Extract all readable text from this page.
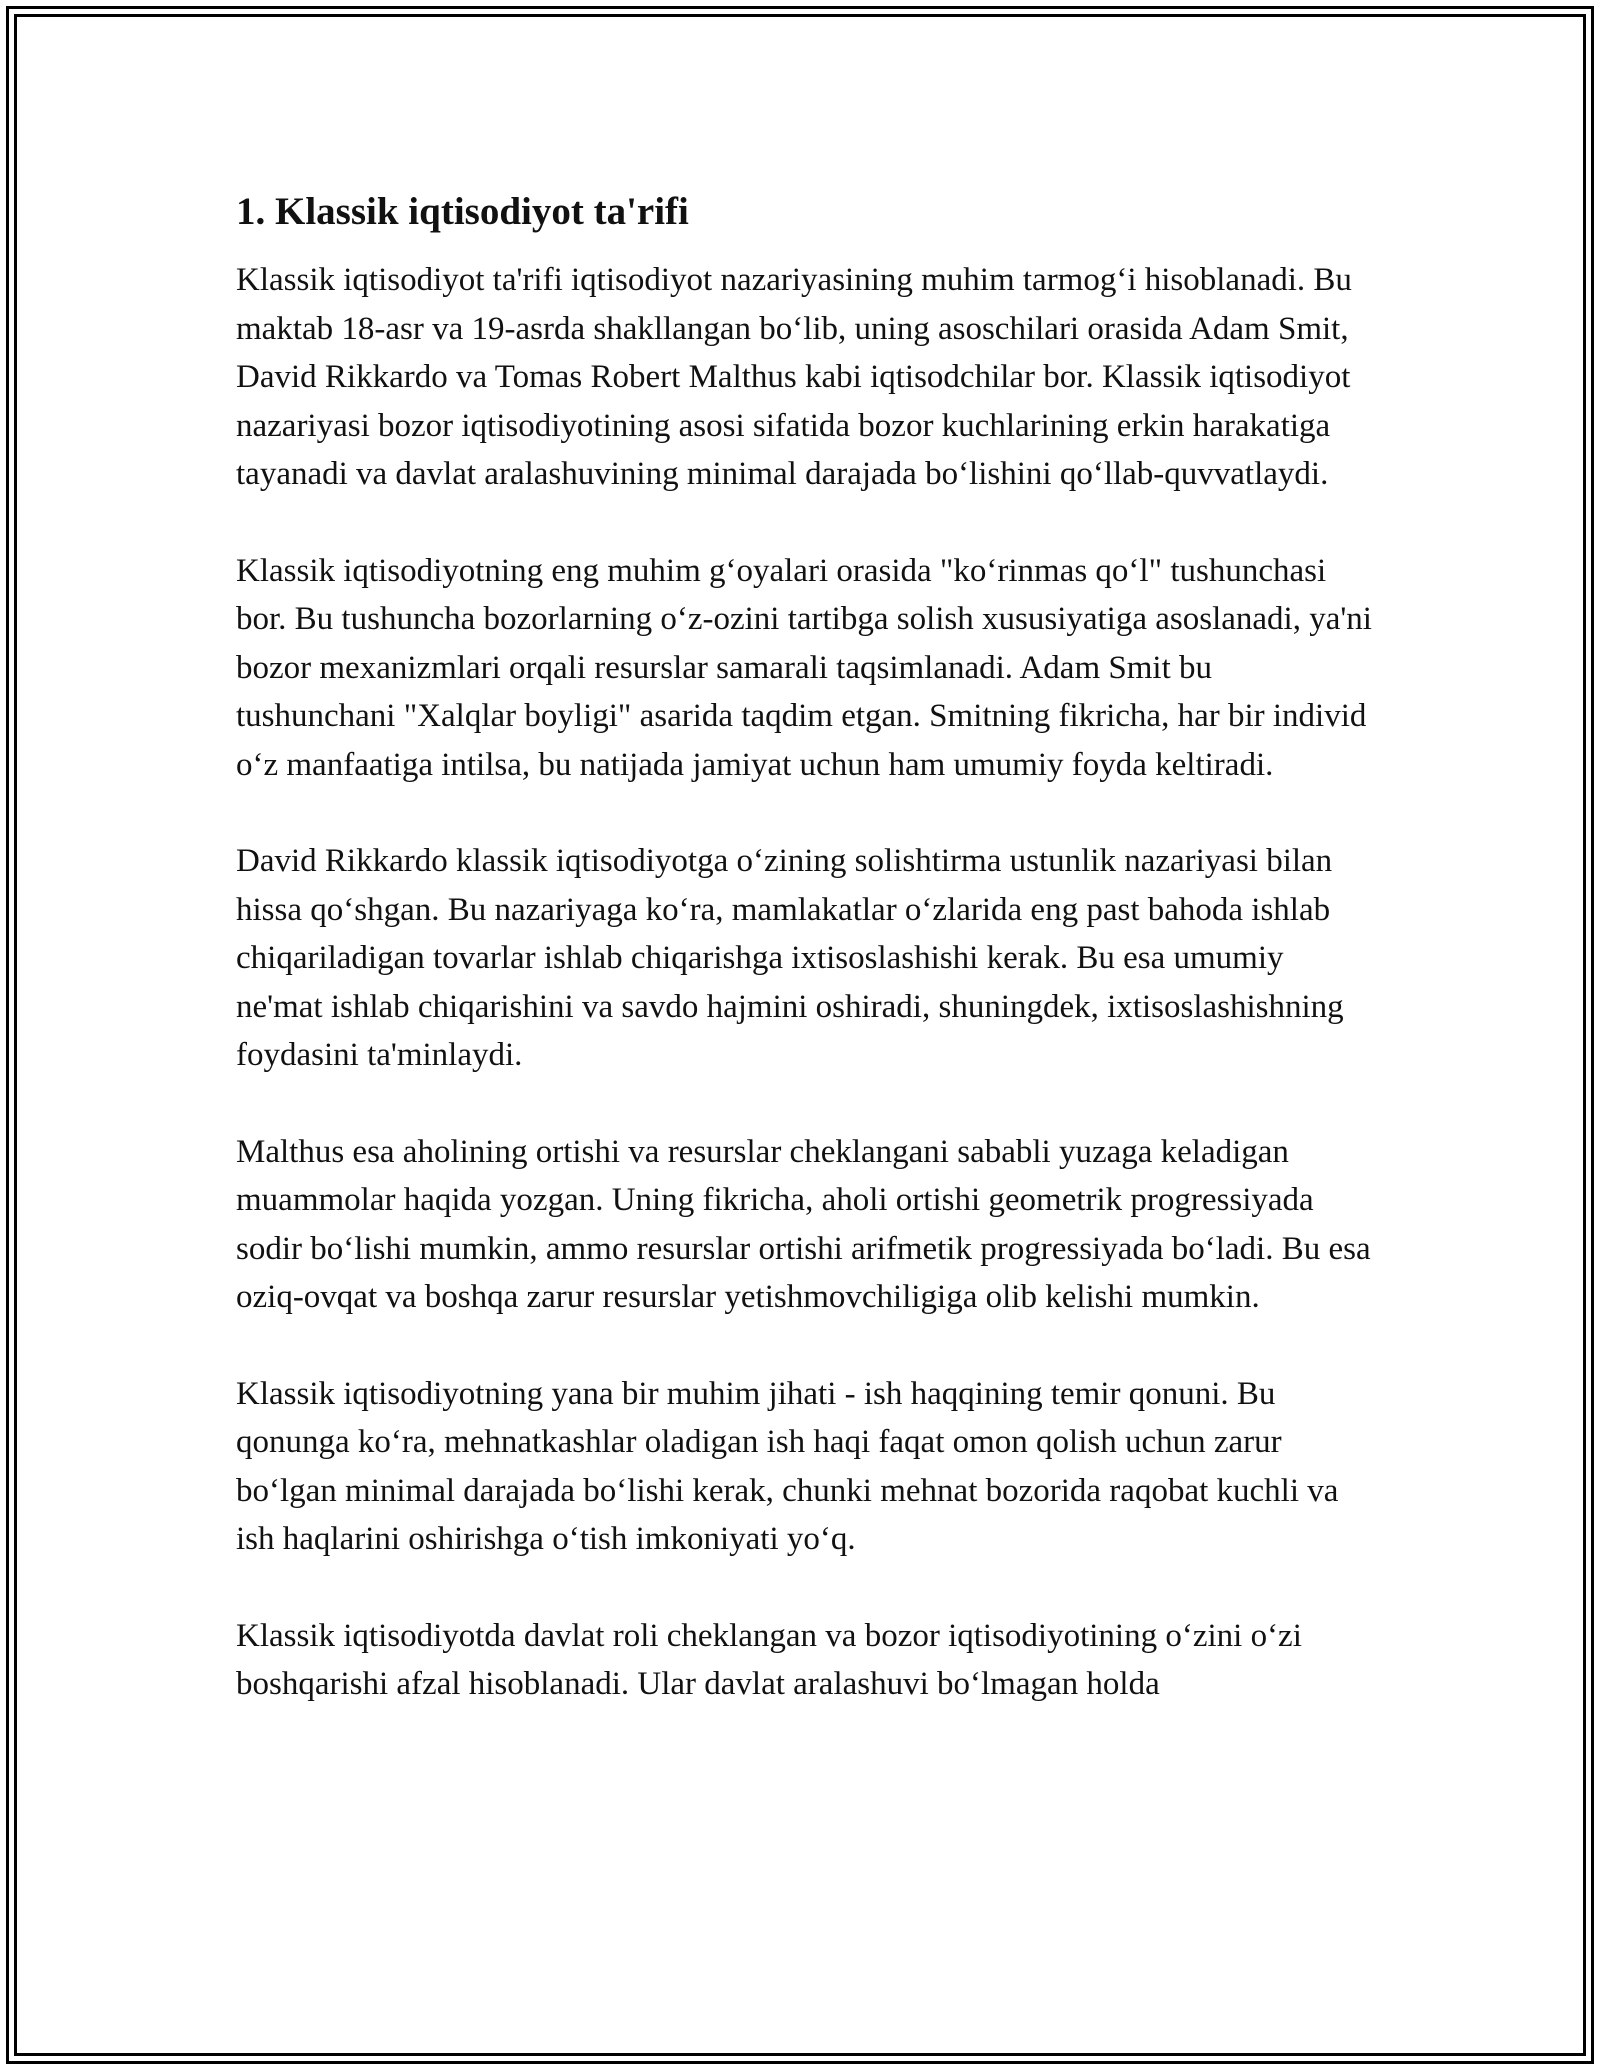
1. Klassik iqtisodiyot ta'rifi

Klassik iqtisodiyot ta'rifi iqtisodiyot nazariyasining muhim tarmog‘i hisoblanadi. Bu maktab 18-asr va 19-asrda shakllangan bo‘lib, uning asoschilari orasida Adam Smit, David Rikkardo va Tomas Robert Malthus kabi iqtisodchilar bor. Klassik iqtisodiyot nazariyasi bozor iqtisodiyotining asosi sifatida bozor kuchlarining erkin harakatiga tayanadi va davlat aralashuvining minimal darajada bo‘lishini qo‘llab-quvvatlaydi.

Klassik iqtisodiyotning eng muhim g‘oyalari orasida "ko‘rinmas qo‘l" tushunchasi bor. Bu tushuncha bozorlarning o‘z-ozini tartibga solish xususiyatiga asoslanadi, ya'ni bozor mexanizmlari orqali resurslar samarali taqsimlanadi. Adam Smit bu tushunchani "Xalqlar boyligi" asarida taqdim etgan. Smitning fikricha, har bir individ o‘z manfaatiga intilsa, bu natijada jamiyat uchun ham umumiy foyda keltiradi.

David Rikkardo klassik iqtisodiyotga o‘zining solishtirma ustunlik nazariyasi bilan hissa qo‘shgan. Bu nazariyaga ko‘ra, mamlakatlar o‘zlarida eng past bahoda ishlab chiqariladigan tovarlar ishlab chiqarishga ixtisoslashishi kerak. Bu esa umumiy ne'mat ishlab chiqarishini va savdo hajmini oshiradi, shuningdek, ixtisoslashishning foydasini ta'minlaydi.

Malthus esa aholining ortishi va resurslar cheklangani sababli yuzaga keladigan muammolar haqida yozgan. Uning fikricha, aholi ortishi geometrik progressiyada sodir bo‘lishi mumkin, ammo resurslar ortishi arifmetik progressiyada bo‘ladi. Bu esa oziq-ovqat va boshqa zarur resurslar yetishmovchiligiga olib kelishi mumkin.

Klassik iqtisodiyotning yana bir muhim jihati - ish haqqining temir qonuni. Bu qonunga ko‘ra, mehnatkashlar oladigan ish haqi faqat omon qolish uchun zarur bo‘lgan minimal darajada bo‘lishi kerak, chunki mehnat bozorida raqobat kuchli va ish haqlarini oshirishga o‘tish imkoniyati yo‘q.

Klassik iqtisodiyotda davlat roli cheklangan va bozor iqtisodiyotining o‘zini o‘zi boshqarishi afzal hisoblanadi. Ular davlat aralashuvi bo‘lmagan holda
